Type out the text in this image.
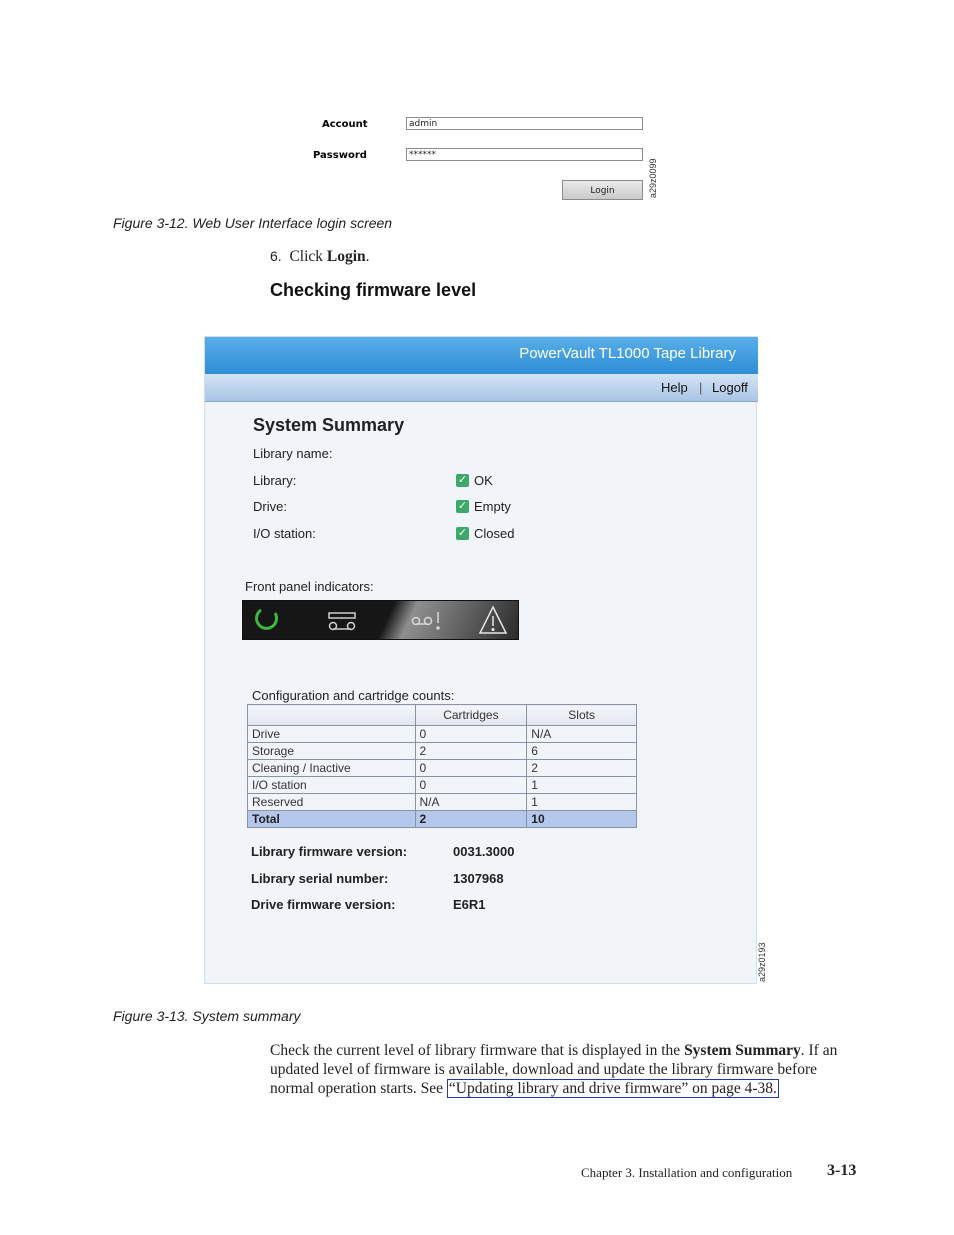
Account	admin
Password	******
Login	a29z0099
Figure 3-12. Web User Interface login screen
6. Click Login.
Checking firmware level
PowerVault TL1000 Tape Library
Help | Logoff
System Summary
Library name:
Library:	✓ OK
Drive:	✓ Empty
I/O station:	✓ Closed
Front panel indicators:
Configuration and cartridge counts:
	Cartridges	Slots
Drive	0	N/A
Storage	2	6
Cleaning / Inactive	0	2
I/O station	0	1
Reserved	N/A	1
Total	2	10
Library firmware version:	0031.3000
Library serial number:	1307968
Drive firmware version:	E6R1
a29z0193
Figure 3-13. System summary
Check the current level of library firmware that is displayed in the System Summary. If an updated level of firmware is available, download and update the library firmware before normal operation starts. See “Updating library and drive firmware” on page 4-38.
Chapter 3. Installation and configuration 3-13
